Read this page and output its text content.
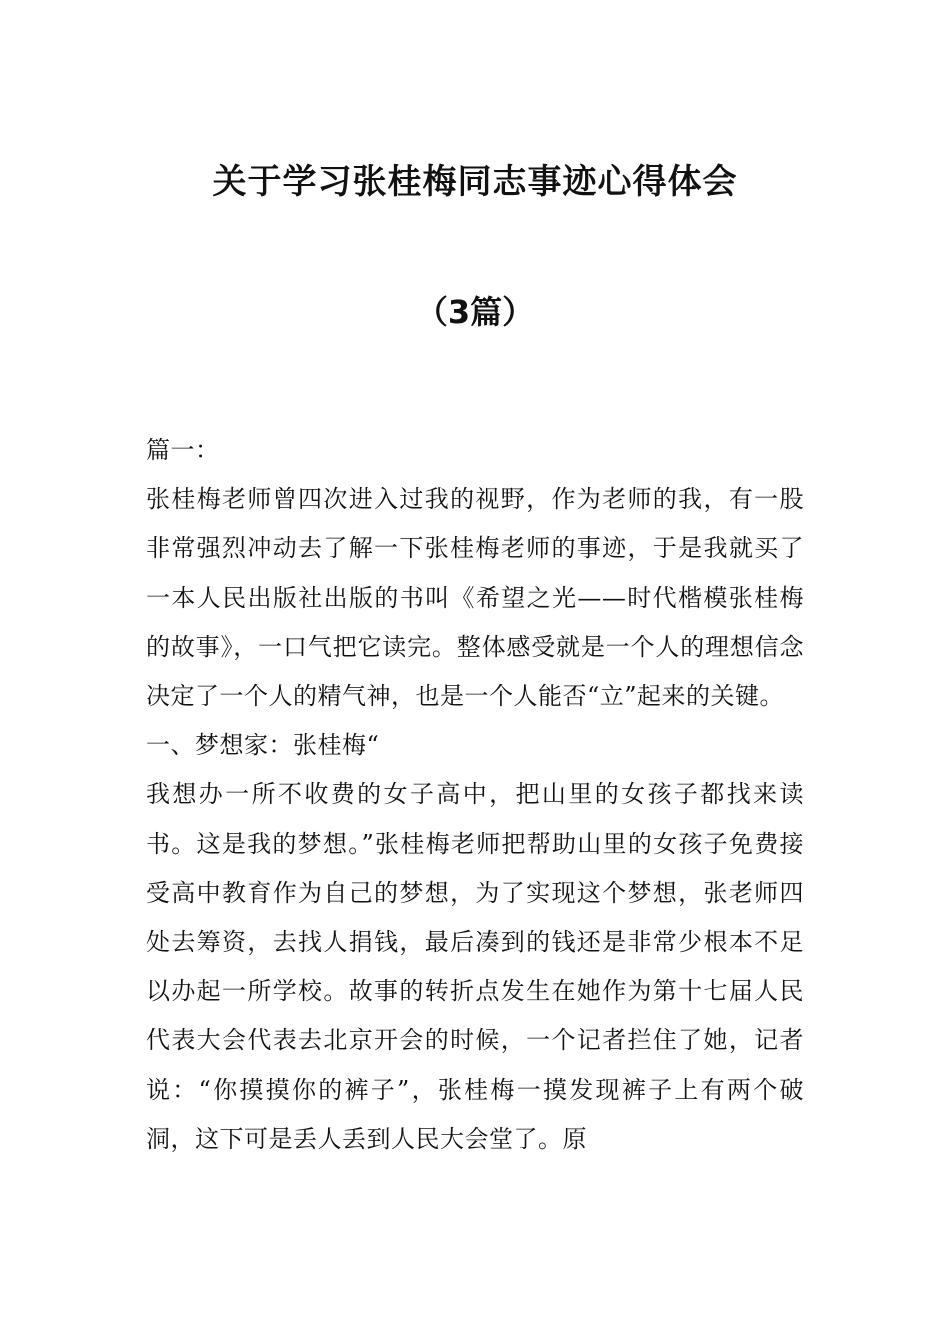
关于学习张桂梅同志事迹心得体会
（3篇）

篇一：

张桂梅老师曾四次进入过我的视野，作为老师的我，有一股非常强烈冲动去了解一下张桂梅老师的事迹，于是我就买了一本人民出版社出版的书叫《希望之光——时代楷模张桂梅的故事》，一口气把它读完。整体感受就是一个人的理想信念决定了一个人的精气神，也是一个人能否“立”起来的关键。

一、梦想家：张桂梅“

我想办一所不收费的女子高中，把山里的女孩子都找来读书。这是我的梦想。”张桂梅老师把帮助山里的女孩子免费接受高中教育作为自己的梦想，为了实现这个梦想，张老师四处去筹资，去找人捐钱，最后凑到的钱还是非常少根本不足以办起一所学校。故事的转折点发生在她作为第十七届人民代表大会代表去北京开会的时候，一个记者拦住了她，记者说：“你摸摸你的裤子”，张桂梅一摸发现裤子上有两个破洞，这下可是丢人丢到人民大会堂了。原
